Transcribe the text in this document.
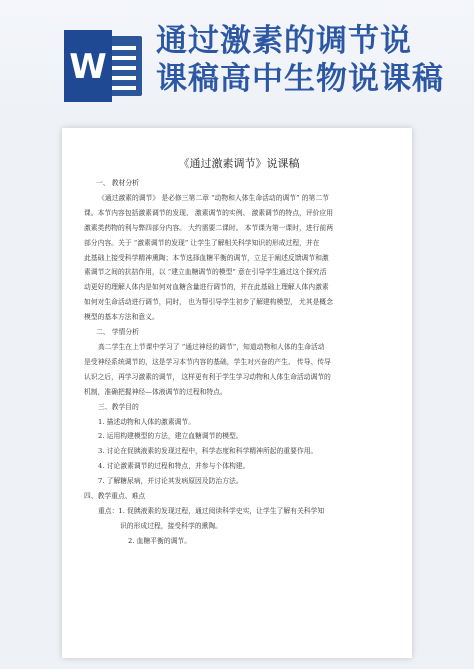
W
通过激素的调节说
课稿高中生物说课稿
《通过激素调节》说课稿

一、 教材分析

《通过激素的调节》 是必修三第二章 “动物和人体生命活动的调节” 的第二节

课。本节内容包括激素调节的发现、 激素调节的实例、 激素调节的特点，评价应用

激素类药物的利与弊四部分内容。 大约需要二课时。 本节课为第一课时，进行前两

部分内容。关于 “激素调节的发现” 让学生了解相关科学知识的形成过程，并在

此基础上接受科学精神熏陶；本节选择血糖平衡的调节，立足于阐述反馈调节和激

素调节之间的抗拮作用，以 “建立血糖调节的模型” 意在引导学生通过这个探究活

动更好的理解人体内是如何对血糖含量进行调节的，并在此基础上理解人体内激素

如何对生命活动进行调节，同时， 也为帮引导学生初步了解建构模型， 尤其是概念

模型的基本方法和意义。

二、 学情分析

高二学生在上节课中学习了 “通过神经的调节”，知道动物和人体的生命活动

是受神经系统调节的，这是学习本节内容的基础，学生对兴奋的产生、 传导、传导

认识之后，再学习激素的调节， 这样更有利于学生学习动物和人体生命活动调节的

机制，准确把握神经—体液调节的过程和特点。

三、教学目的

1. 描述动物和人体的激素调节。

2. 运用构建模型的方法，建立血糖调节的模型。

3. 讨论在促胰液素的发现过程中，科学态度和科学精神所起的重要作用。

4. 讨论激素调节的过程和特点，并参与个体构建。

7. 了解糖尿病，并讨论其发病原因及防治方法。

四、教学重点、难点

重点：1. 促胰液素的发现过程，通过阅读科学史实，让学生了解有关科学知

识的形成过程，接受科学的熏陶。

2. 血糖平衡的调节。
